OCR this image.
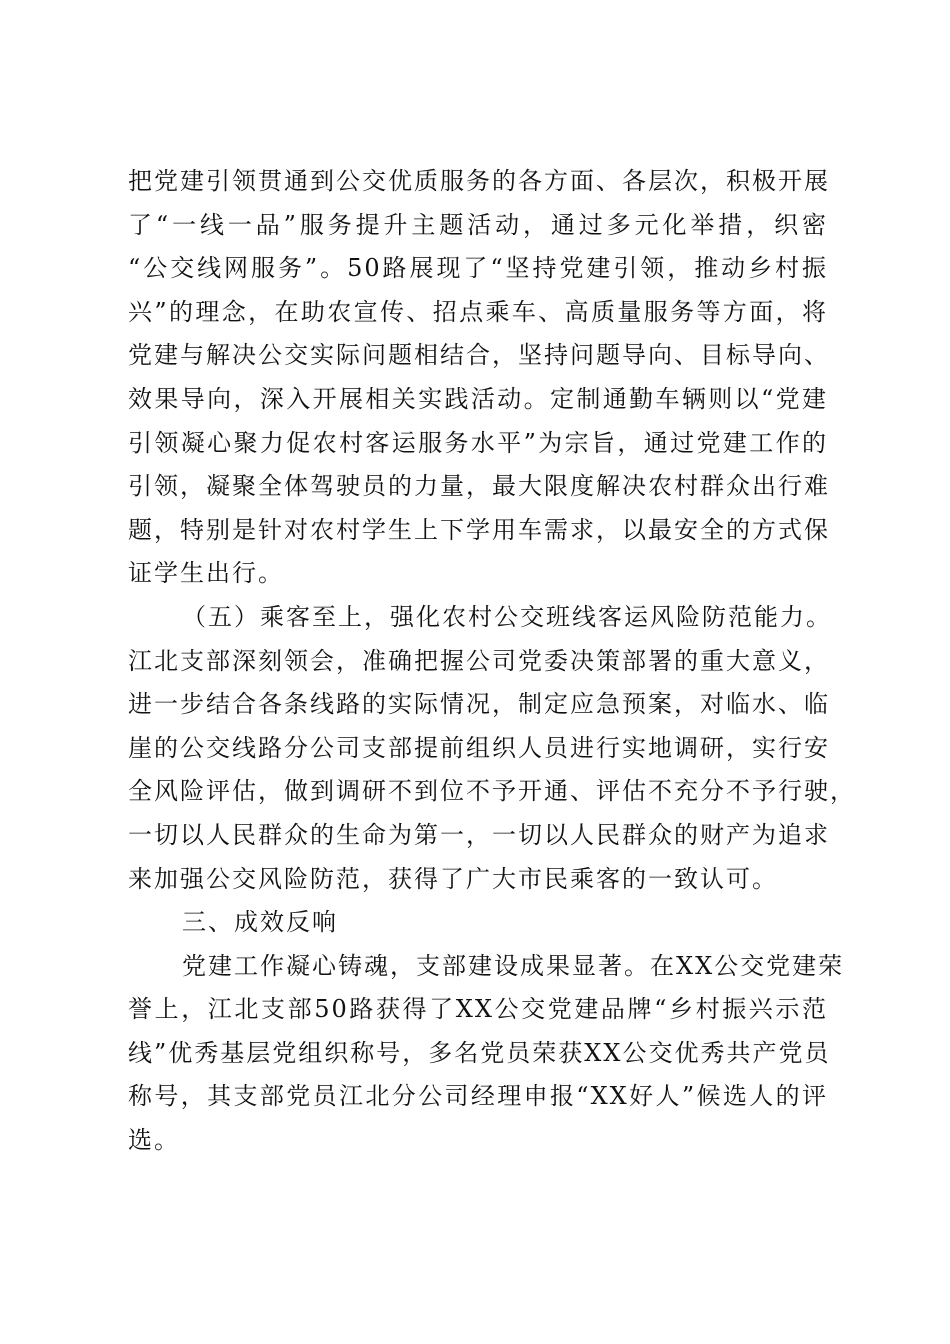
把党建引领贯通到公交优质服务的各方面、各层次，积极开展

了“一线一品”服务提升主题活动，通过多元化举措，织密

“公交线网服务”。50路展现了“坚持党建引领，推动乡村振

兴”的理念，在助农宣传、招点乘车、高质量服务等方面，将

党建与解决公交实际问题相结合，坚持问题导向、目标导向、

效果导向，深入开展相关实践活动。定制通勤车辆则以“党建

引领凝心聚力促农村客运服务水平”为宗旨，通过党建工作的

引领，凝聚全体驾驶员的力量，最大限度解决农村群众出行难

题，特别是针对农村学生上下学用车需求，以最安全的方式保

证学生出行。

（五）乘客至上，强化农村公交班线客运风险防范能力。

江北支部深刻领会，准确把握公司党委决策部署的重大意义，

进一步结合各条线路的实际情况，制定应急预案，对临水、临

崖的公交线路分公司支部提前组织人员进行实地调研，实行安

全风险评估，做到调研不到位不予开通、评估不充分不予行驶，

一切以人民群众的生命为第一，一切以人民群众的财产为追求

来加强公交风险防范，获得了广大市民乘客的一致认可。

三、成效反响

党建工作凝心铸魂，支部建设成果显著。在XX公交党建荣

誉上，江北支部50路获得了XX公交党建品牌“乡村振兴示范

线”优秀基层党组织称号，多名党员荣获XX公交优秀共产党员

称号，其支部党员江北分公司经理申报“XX好人”候选人的评

选。
